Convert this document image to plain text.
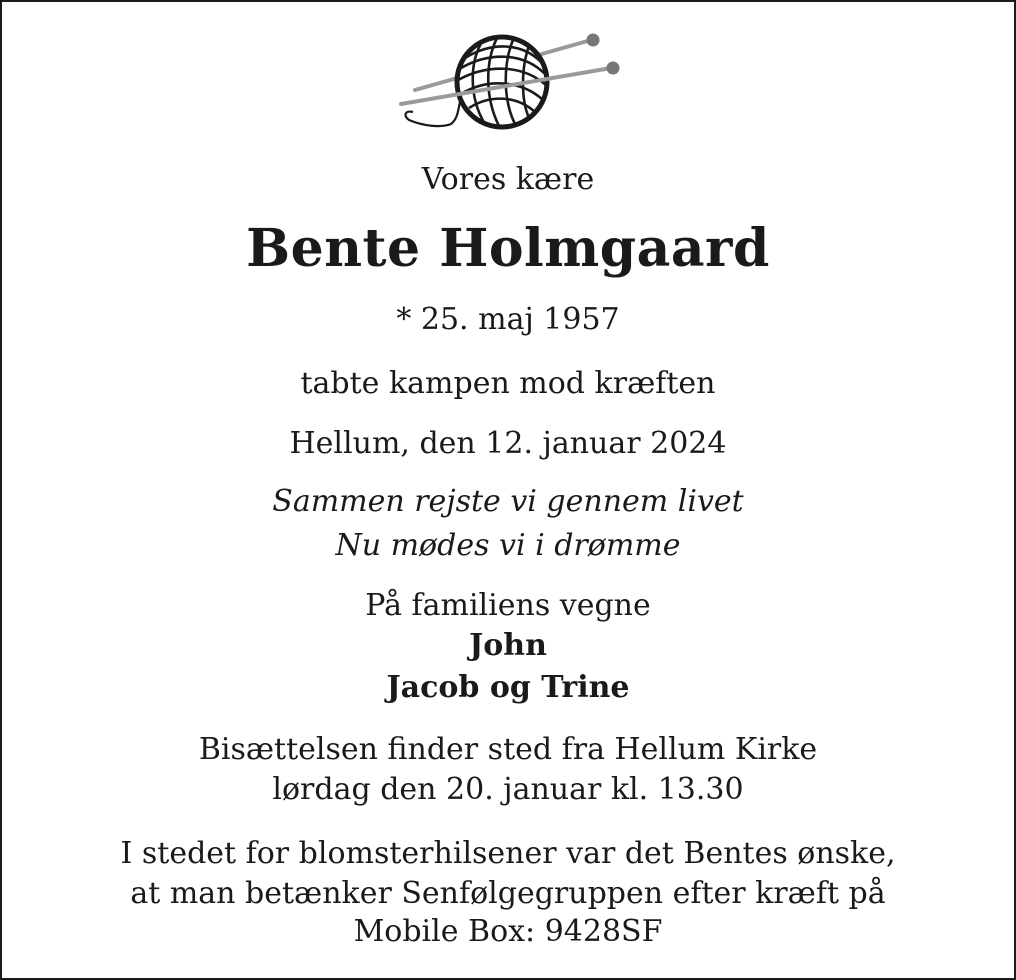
Vores kære
Bente Holmgaard
* 25. maj 1957
tabte kampen mod kræften
Hellum, den 12. januar 2024
Sammen rejste vi gennem livet
Nu mødes vi i drømme
På familiens vegne
John
Jacob og Trine
Bisættelsen finder sted fra Hellum Kirke
lørdag den 20. januar kl. 13.30
I stedet for blomsterhilsener var det Bentes ønske,
at man betænker Senfølgegruppen efter kræft på
Mobile Box: 9428SF
